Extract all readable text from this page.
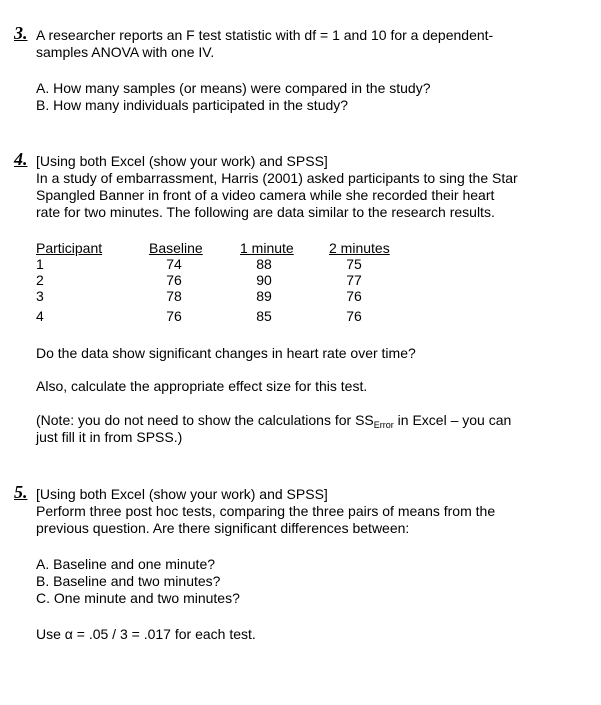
3. A researcher reports an F test statistic with df = 1 and 10 for a dependent-
samples ANOVA with one IV.
A. How many samples (or means) were compared in the study?
B. How many individuals participated in the study?
4. [Using both Excel (show your work) and SPSS]
In a study of embarrassment, Harris (2001) asked participants to sing the Star
Spangled Banner in front of a video camera while she recorded their heart
rate for two minutes. The following are data similar to the research results.
Participant	Baseline	1 minute	2 minutes
1	74	88	75
2	76	90	77
3	78	89	76
4	76	85	76
Do the data show significant changes in heart rate over time?
Also, calculate the appropriate effect size for this test.
(Note: you do not need to show the calculations for $SS_{Error}$ in Excel – you can
just fill it in from SPSS.)
5. [Using both Excel (show your work) and SPSS]
Perform three post hoc tests, comparing the three pairs of means from the
previous question. Are there significant differences between:
A. Baseline and one minute?
B. Baseline and two minutes?
C. One minute and two minutes?
Use α = .05 / 3 = .017 for each test.
